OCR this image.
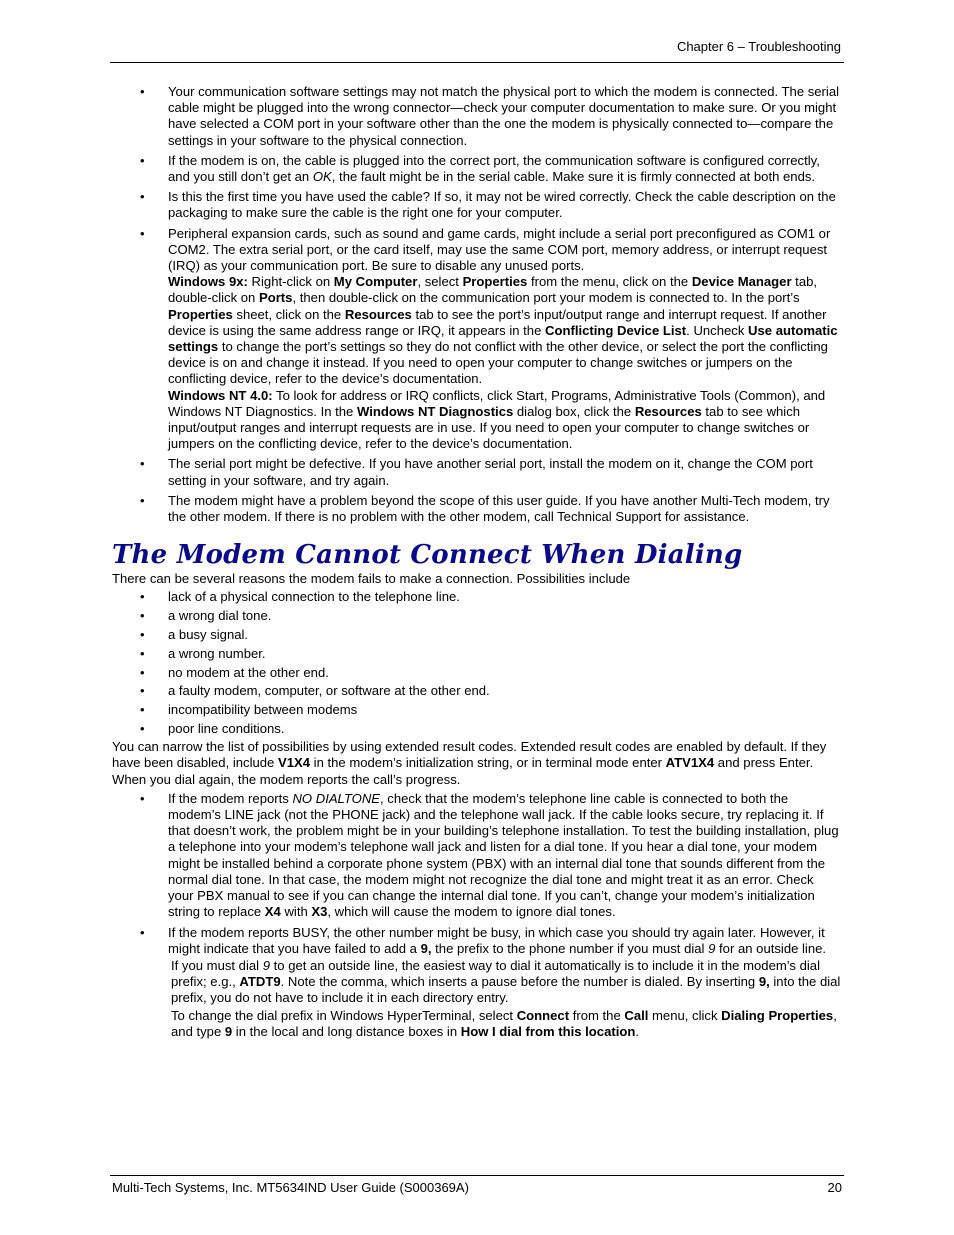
Chapter 6 – Troubleshooting
• Your communication software settings may not match the physical port to which the modem is connected. The serial cable might be plugged into the wrong connector—check your computer documentation to make sure. Or you might have selected a COM port in your software other than the one the modem is physically connected to—compare the settings in your software to the physical connection.
• If the modem is on, the cable is plugged into the correct port, the communication software is configured correctly, and you still don’t get an OK, the fault might be in the serial cable. Make sure it is firmly connected at both ends.
• Is this the first time you have used the cable? If so, it may not be wired correctly. Check the cable description on the packaging to make sure the cable is the right one for your computer.
• Peripheral expansion cards, such as sound and game cards, might include a serial port preconfigured as COM1 or COM2. The extra serial port, or the card itself, may use the same COM port, memory address, or interrupt request (IRQ) as your communication port. Be sure to disable any unused ports.
Windows 9x: Right-click on My Computer, select Properties from the menu, click on the Device Manager tab, double-click on Ports, then double-click on the communication port your modem is connected to. In the port’s Properties sheet, click on the Resources tab to see the port’s input/output range and interrupt request. If another device is using the same address range or IRQ, it appears in the Conflicting Device List. Uncheck Use automatic settings to change the port’s settings so they do not conflict with the other device, or select the port the conflicting device is on and change it instead. If you need to open your computer to change switches or jumpers on the conflicting device, refer to the device’s documentation.
Windows NT 4.0: To look for address or IRQ conflicts, click Start, Programs, Administrative Tools (Common), and Windows NT Diagnostics. In the Windows NT Diagnostics dialog box, click the Resources tab to see which input/output ranges and interrupt requests are in use. If you need to open your computer to change switches or jumpers on the conflicting device, refer to the device’s documentation.
• The serial port might be defective. If you have another serial port, install the modem on it, change the COM port setting in your software, and try again.
• The modem might have a problem beyond the scope of this user guide. If you have another Multi-Tech modem, try the other modem. If there is no problem with the other modem, call Technical Support for assistance.
The Modem Cannot Connect When Dialing

There can be several reasons the modem fails to make a connection. Possibilities include

• lack of a physical connection to the telephone line.
• a wrong dial tone.
• a busy signal.
• a wrong number.
• no modem at the other end.
• a faulty modem, computer, or software at the other end.
• incompatibility between modems
• poor line conditions.

You can narrow the list of possibilities by using extended result codes. Extended result codes are enabled by default. If they have been disabled, include V1X4 in the modem’s initialization string, or in terminal mode enter ATV1X4 and press Enter. When you dial again, the modem reports the call’s progress.

• If the modem reports NO DIALTONE, check that the modem’s telephone line cable is connected to both the modem’s LINE jack (not the PHONE jack) and the telephone wall jack. If the cable looks secure, try replacing it. If that doesn’t work, the problem might be in your building’s telephone installation. To test the building installation, plug a telephone into your modem’s telephone wall jack and listen for a dial tone. If you hear a dial tone, your modem might be installed behind a corporate phone system (PBX) with an internal dial tone that sounds different from the normal dial tone. In that case, the modem might not recognize the dial tone and might treat it as an error. Check your PBX manual to see if you can change the internal dial tone. If you can’t, change your modem’s initialization string to replace X4 with X3, which will cause the modem to ignore dial tones.
• If the modem reports BUSY, the other number might be busy, in which case you should try again later. However, it might indicate that you have failed to add a 9, the prefix to the phone number if you must dial 9 for an outside line.

If you must dial 9 to get an outside line, the easiest way to dial it automatically is to include it in the modem’s dial prefix; e.g., ATDT9. Note the comma, which inserts a pause before the number is dialed. By inserting 9, into the dial prefix, you do not have to include it in each directory entry.

To change the dial prefix in Windows HyperTerminal, select Connect from the Call menu, click Dialing Properties, and type 9 in the local and long distance boxes in How I dial from this location.

Multi-Tech Systems, Inc. MT5634IND User Guide (S000369A)	20
